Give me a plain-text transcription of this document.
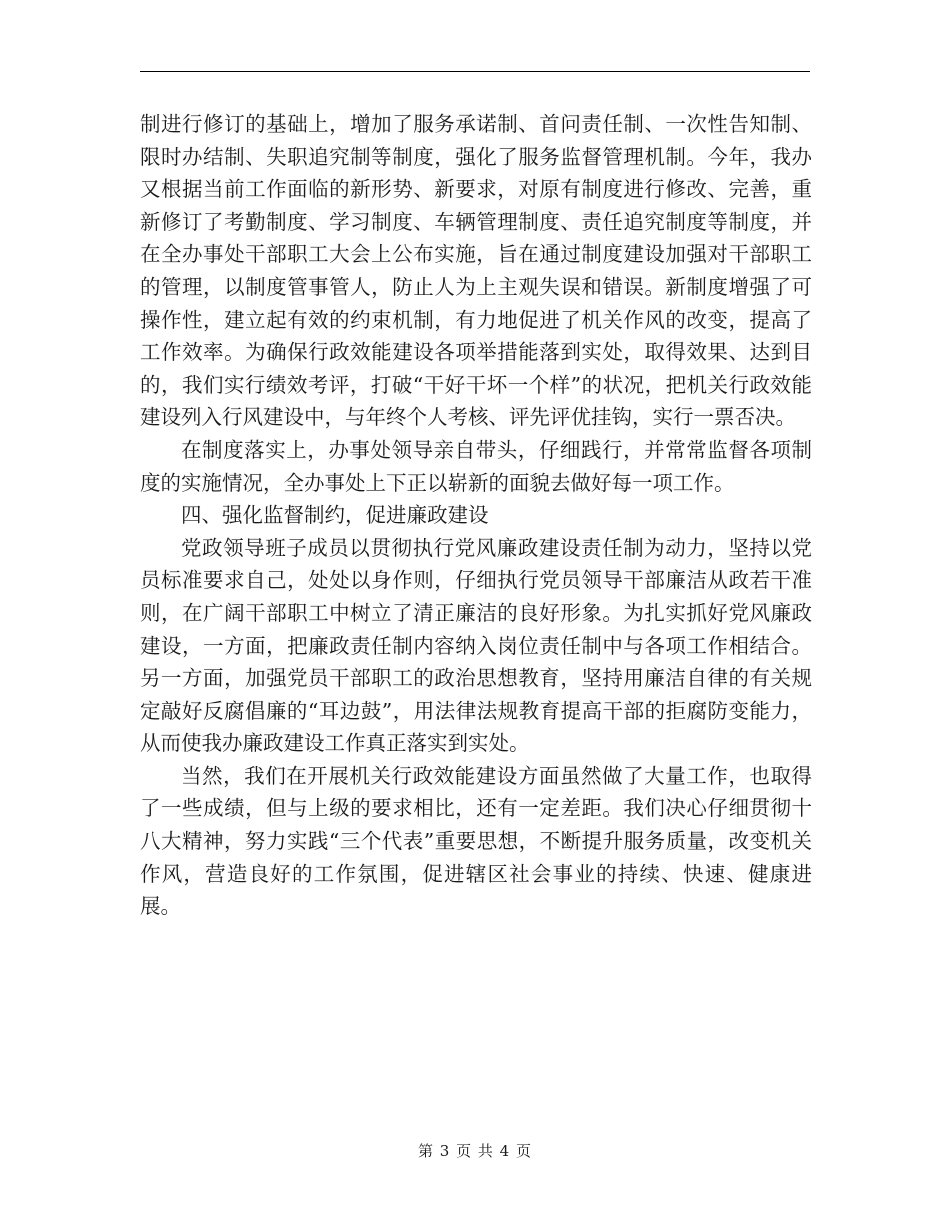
制进行修订的基础上，增加了服务承诺制、首问责任制、一次性告知制、限时办结制、失职追究制等制度，强化了服务监督管理机制。今年，我办又根据当前工作面临的新形势、新要求，对原有制度进行修改、完善，重新修订了考勤制度、学习制度、车辆管理制度、责任追究制度等制度，并在全办事处干部职工大会上公布实施，旨在通过制度建设加强对干部职工的管理，以制度管事管人，防止人为上主观失误和错误。新制度增强了可操作性，建立起有效的约束机制，有力地促进了机关作风的改变，提高了工作效率。为确保行政效能建设各项举措能落到实处，取得效果、达到目的，我们实行绩效考评，打破“干好干坏一个样”的状况，把机关行政效能建设列入行风建设中，与年终个人考核、评先评优挂钩，实行一票否决。

在制度落实上，办事处领导亲自带头，仔细践行，并常常监督各项制度的实施情况，全办事处上下正以崭新的面貌去做好每一项工作。

四、强化监督制约，促进廉政建设

党政领导班子成员以贯彻执行党风廉政建设责任制为动力，坚持以党员标准要求自己，处处以身作则，仔细执行党员领导干部廉洁从政若干准则，在广阔干部职工中树立了清正廉洁的良好形象。为扎实抓好党风廉政建设，一方面，把廉政责任制内容纳入岗位责任制中与各项工作相结合。另一方面，加强党员干部职工的政治思想教育，坚持用廉洁自律的有关规定敲好反腐倡廉的“耳边鼓”，用法律法规教育提高干部的拒腐防变能力，从而使我办廉政建设工作真正落实到实处。

当然，我们在开展机关行政效能建设方面虽然做了大量工作，也取得了一些成绩，但与上级的要求相比，还有一定差距。我们决心仔细贯彻十八大精神，努力实践“三个代表”重要思想，不断提升服务质量，改变机关作风，营造良好的工作氛围，促进辖区社会事业的持续、快速、健康进展。

第 3 页 共 4 页
